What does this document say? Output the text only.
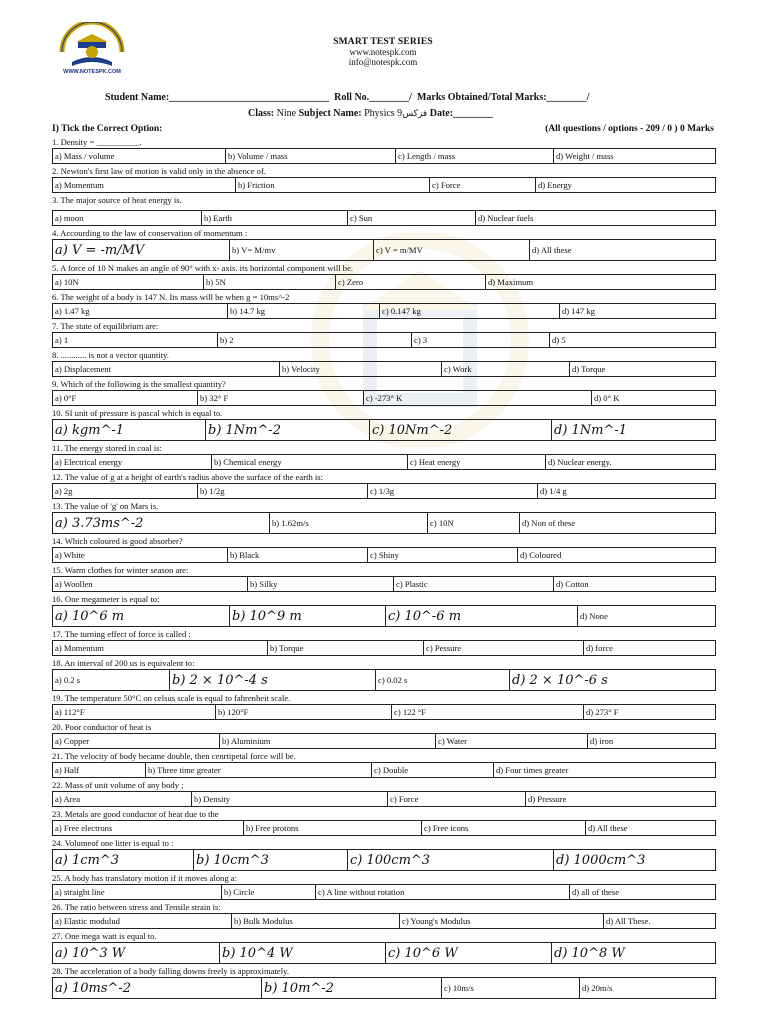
WWW.NOTESPK.COM
SMART TEST SERIES
www.notespk.com
info@notespk.com
Student Name:________________________________ Roll No.________/ Marks Obtained/Total Marks:________/
Class: Nine Subject Name: Physics 9فزکس Date:________
I) Tick the Correct Option:	(All questions / options - 209 / 0 ) 0 Marks
1. Density = __________.
a) Mass / volume	b) Volume / mass	c) Length / mass	d) Weight / mass
2. Newton's first law of motion is valid only in the absence of.
a) Momentum	b) Friction	c) Force	d) Energy
3. The major source of heat energy is.
a) moon	b) Earth	c) Sun	d) Nuclear fuels
4. Accourding to the law of conservation of momentum :
a) V = -m/MV	b) V= M/mv	c) V = m/MV	d) All these
5. A force of 10 N makes an angle of 90° with x- axis. its horizontal component will be.
a) 10N	b) 5N	c) Zero	d) Maximum
6. The weight of a body is 147 N. Its mass will be when g = 10ms^-2
a) 1.47 kg	b) 14.7 kg	c) 0.147 kg	d) 147 kg
7. The state of equilibrium are:
a) 1	b) 2	c) 3	d) 5
8. ............ is not a vector quantity.
a) Displacement	b) Velocity	c) Work	d) Torque
9. Which of the following is the smallest quantity?
a) 0°F	b) 32° F	c) -273° K	d) 0° K
10. SI unit of pressure is pascal which is equal to.
a) kgm^-1	b) 1Nm^-2	c) 10Nm^-2	d) 1Nm^-1
11. The energy stored in coal is:
a) Electrical energy	b) Chemical energy	c) Heat energy	d) Nuclear energy.
12. The value of g at a height of earth's radius above the surface of the earth is:
a) 2g	b) 1/2g	c) 1/3g	d) 1/4 g
13. The value of 'g' on Mars is.
a) 3.73ms^-2	b) 1.62m/s	c) 10N	d) Non of these
14. Which coloured is good absorber?
a) White	b) Black	c) Shiny	d) Coloured
15. Warm clothes for winter season are:
a) Woollen	b) Silky	c) Plastic	d) Cotton
16. One megameter is equal to:
a) 10^6 m	b) 10^9 m	c) 10^-6 m	d) None
17. The turning effect of force is called :
a) Momentum	b) Torque	c) Pessure	d) force
18. An interval of 200 us is equivalent to:
a) 0.2 s	b) 2 × 10^-4 s	c) 0.02 s	d) 2 × 10^-6 s
19. The temperature 50°C on celsus scale is equal to fahrenheit scale.
a) 112°F	b) 120°F	c) 122 °F	d) 273° F
20. Poor conductor of heat is
a) Copper	b) Aluminium	c) Water	d) iron
21. The velocity of body became double, then cenrtipetal force will be.
a) Half	b) Three time greater	c) Double	d) Four times greater
22. Mass of unit volume of any body ;
a) Area	b) Density	c) Force	d) Pressure
23. Metals are good conductor of heat due to the
a) Free electrons	b) Free protons	c) Free icons	d) All these
24. Volumeof one litter is equal to :
a) 1cm^3	b) 10cm^3	c) 100cm^3	d) 1000cm^3
25. A body has translatory motion if it moves along a:
a) straight line	b) Circle	c) A line without rotation	d) all of these
26. The ratio between stress and Tensile strain is:
a) Elastic modulud	b) Bulk Modulus	c) Young's Modulus	d) All These.
27. One mega watt is equal to.
a) 10^3 W	b) 10^4 W	c) 10^6 W	d) 10^8 W
28. The acceleration of a body falling downs freely is approximately.
a) 10ms^-2	b) 10m^-2	c) 10m/s	d) 20m/s
